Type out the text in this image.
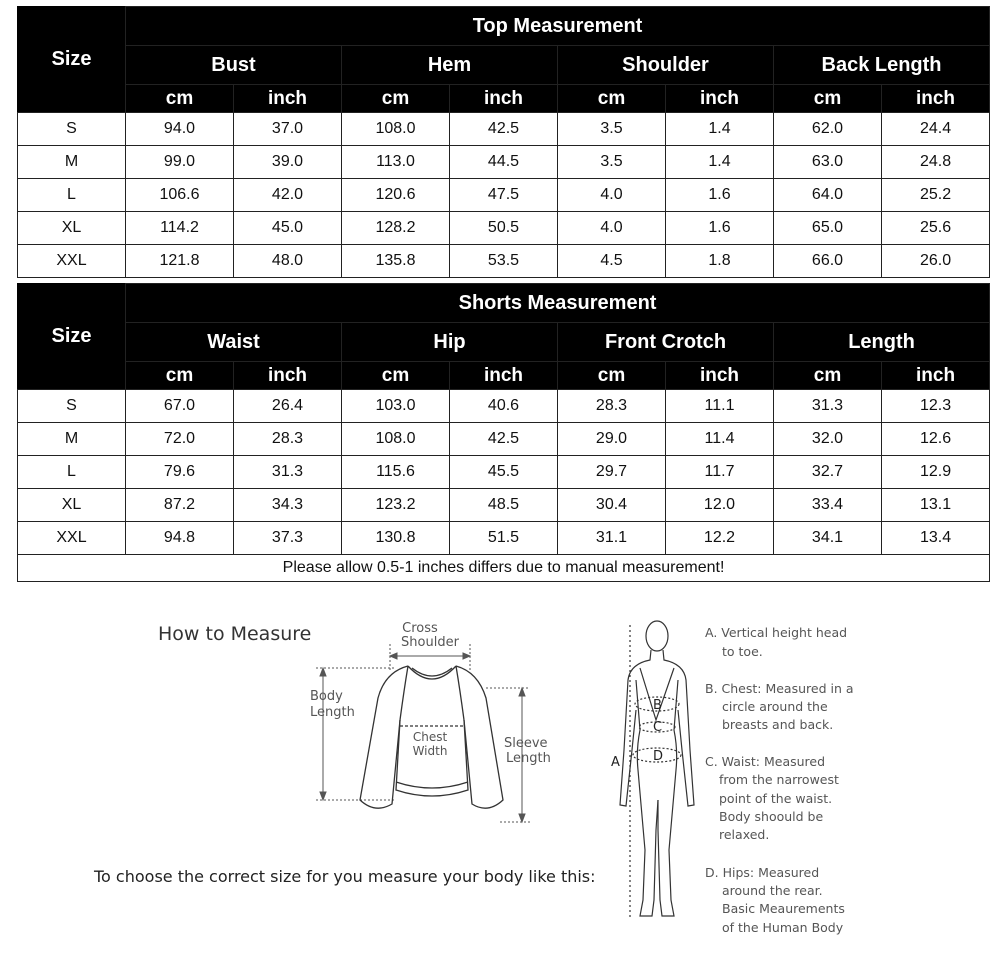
Size	Top Measurement							
	Bust		Hem		Shoulder		Back Length	
	cm	inch	cm	inch	cm	inch	cm	inch
S	94.0	37.0	108.0	42.5	3.5	1.4	62.0	24.4
M	99.0	39.0	113.0	44.5	3.5	1.4	63.0	24.8
L	106.6	42.0	120.6	47.5	4.0	1.6	64.0	25.2
XL	114.2	45.0	128.2	50.5	4.0	1.6	65.0	25.6
XXL	121.8	48.0	135.8	53.5	4.5	1.8	66.0	26.0
Size	Shorts Measurement							
	Waist		Hip		Front Crotch		Length	
	cm	inch	cm	inch	cm	inch	cm	inch
S	67.0	26.4	103.0	40.6	28.3	11.1	31.3	12.3
M	72.0	28.3	108.0	42.5	29.0	11.4	32.0	12.6
L	79.6	31.3	115.6	45.5	29.7	11.7	32.7	12.9
XL	87.2	34.3	123.2	48.5	30.4	12.0	33.4	13.1
XXL	94.8	37.3	130.8	51.5	31.1	12.2	34.1	13.4
Please allow 0.5-1 inches differs due to manual measurement!								
How to Measure	Cross
Shoulder
Body
Length
Chest
Width	Sleeve
Length
To choose the correct size for you measure your body like this:
B
C
D
A
A. Vertical height head
to toe.
B. Chest: Measured in a
circle around the
breasts and back.
C. Waist: Measured
from the narrowest
point of the waist.
Body shoould be
relaxed.
D. Hips: Measured
around the rear.
Basic Meaurements
of the Human Body
